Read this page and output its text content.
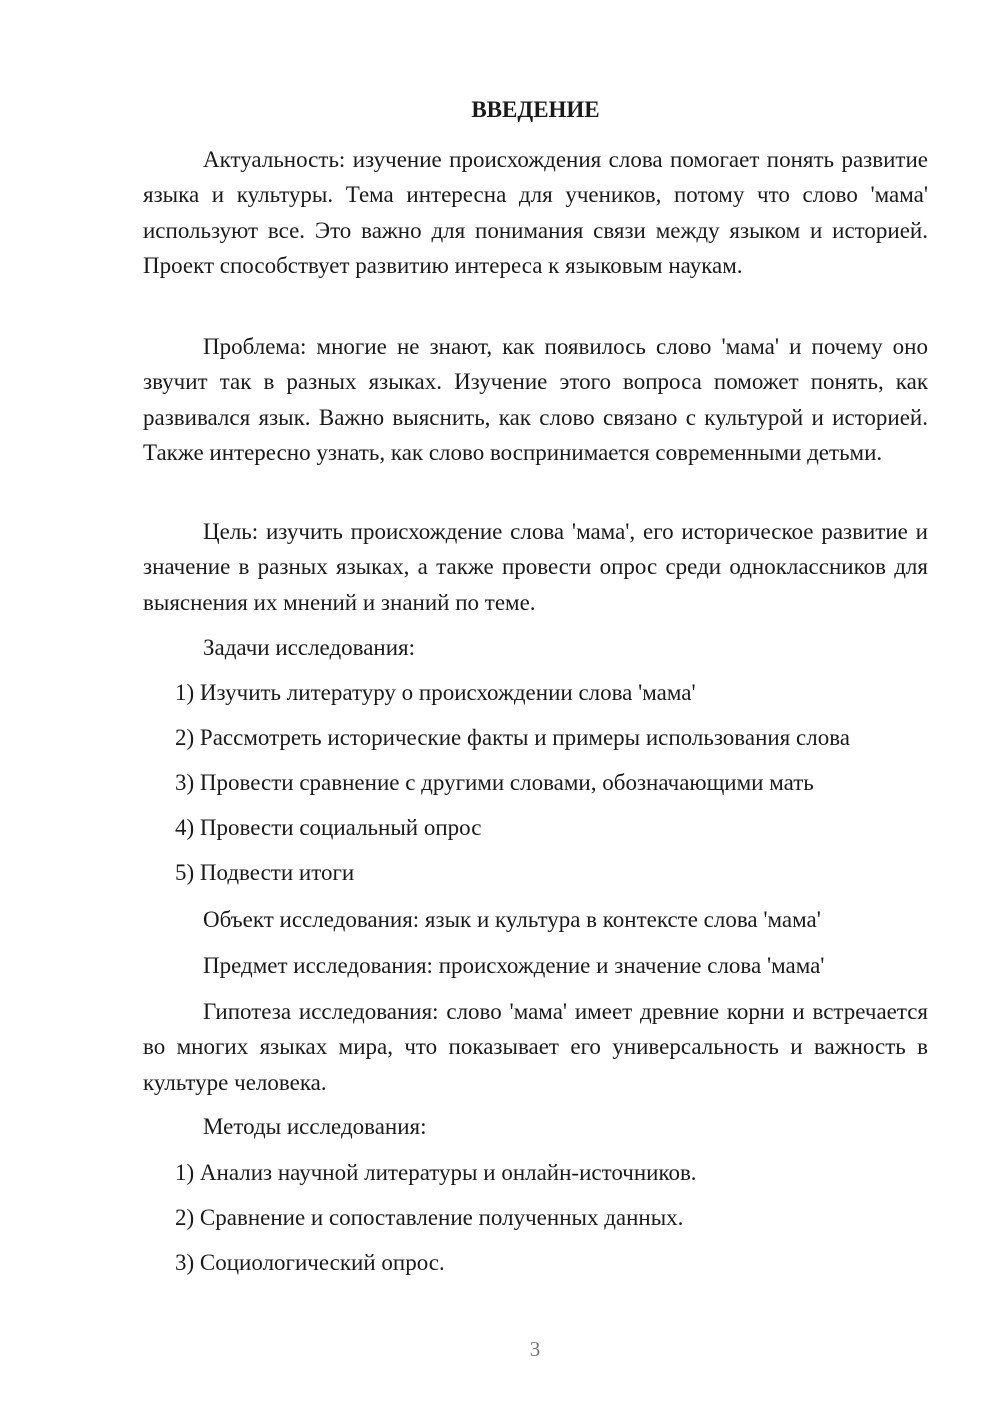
ВВЕДЕНИЕ

Актуальность: изучение происхождения слова помогает понять развитие языка и культуры. Тема интересна для учеников, потому что слово 'мама' используют все. Это важно для понимания связи между языком и историей. Проект способствует развитию интереса к языковым наукам.

Проблема: многие не знают, как появилось слово 'мама' и почему оно звучит так в разных языках. Изучение этого вопроса поможет понять, как развивался язык. Важно выяснить, как слово связано с культурой и историей. Также интересно узнать, как слово воспринимается современными детьми.

Цель: изучить происхождение слова 'мама', его историческое развитие и значение в разных языках, а также провести опрос среди одноклассников для выяснения их мнений и знаний по теме.

Задачи исследования:

1) Изучить литературу о происхождении слова 'мама'

2) Рассмотреть исторические факты и примеры использования слова

3) Провести сравнение с другими словами, обозначающими мать

4) Провести социальный опрос

5) Подвести итоги

Объект исследования: язык и культура в контексте слова 'мама'

Предмет исследования: происхождение и значение слова 'мама'

Гипотеза исследования: слово 'мама' имеет древние корни и встречается во многих языках мира, что показывает его универсальность и важность в культуре человека.

Методы исследования:

1) Анализ научной литературы и онлайн-источников.

2) Сравнение и сопоставление полученных данных.

3) Социологический опрос.

3
